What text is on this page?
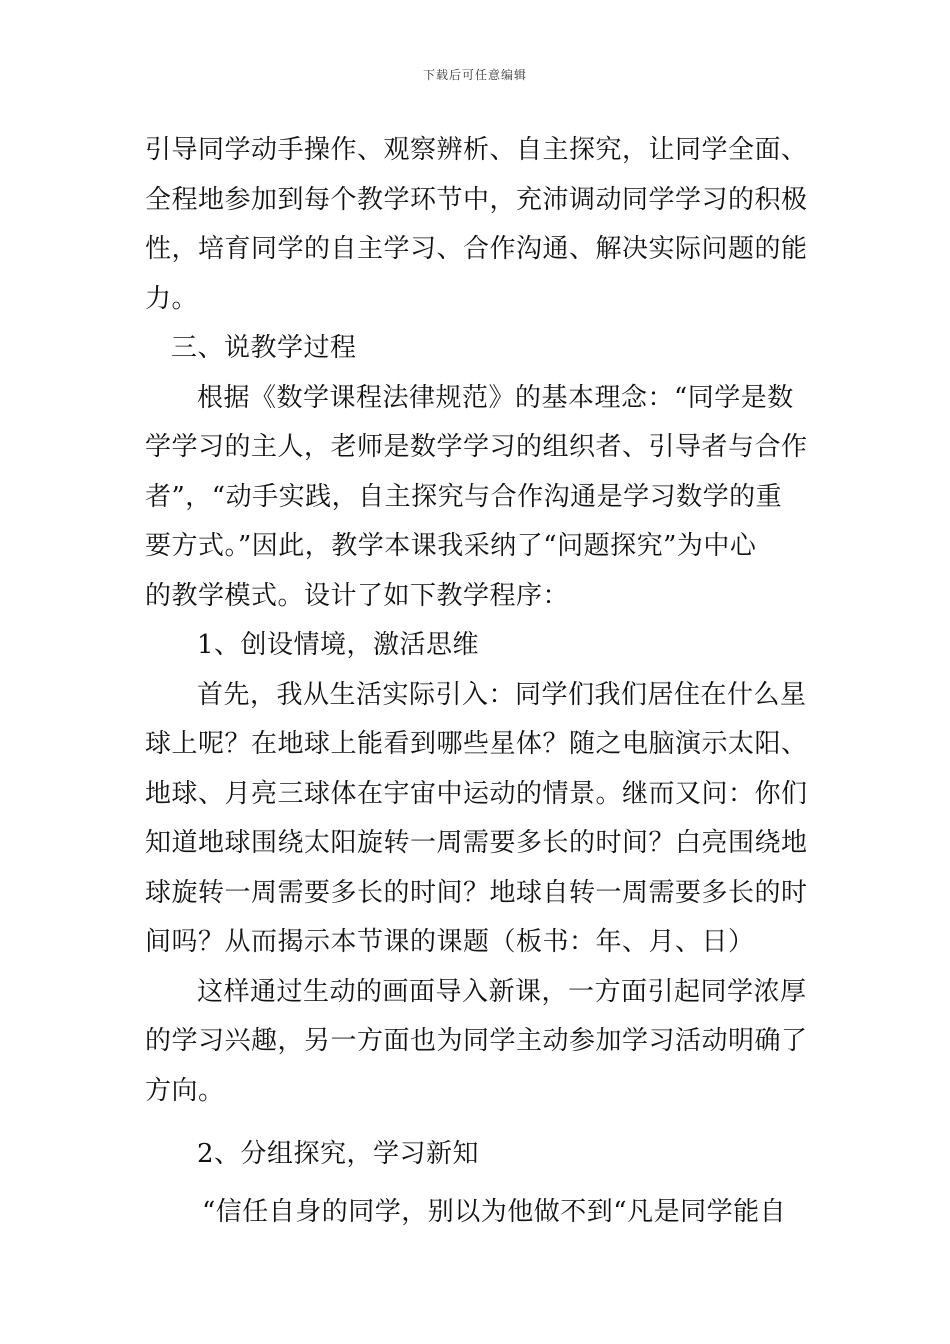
下载后可任意编辑
引导同学动手操作、观察辨析、自主探究，让同学全面、
全程地参加到每个教学环节中，充沛调动同学学习的积极
性，培育同学的自主学习、合作沟通、解决实际问题的能
力。
三、说教学过程
根据《数学课程法律规范》的基本理念：“同学是数
学学习的主人，老师是数学学习的组织者、引导者与合作
者”，“动手实践，自主探究与合作沟通是学习数学的重
要方式。”因此，教学本课我采纳了“问题探究”为中心
的教学模式。设计了如下教学程序：
1、创设情境，激活思维
首先，我从生活实际引入：同学们我们居住在什么星
球上呢？在地球上能看到哪些星体？随之电脑演示太阳、
地球、月亮三球体在宇宙中运动的情景。继而又问：你们
知道地球围绕太阳旋转一周需要多长的时间？白亮围绕地
球旋转一周需要多长的时间？地球自转一周需要多长的时
间吗？从而揭示本节课的课题（板书：年、月、日）
这样通过生动的画面导入新课，一方面引起同学浓厚
的学习兴趣，另一方面也为同学主动参加学习活动明确了
方向。
2、分组探究，学习新知
“信任自身的同学，别以为他做不到“凡是同学能自
